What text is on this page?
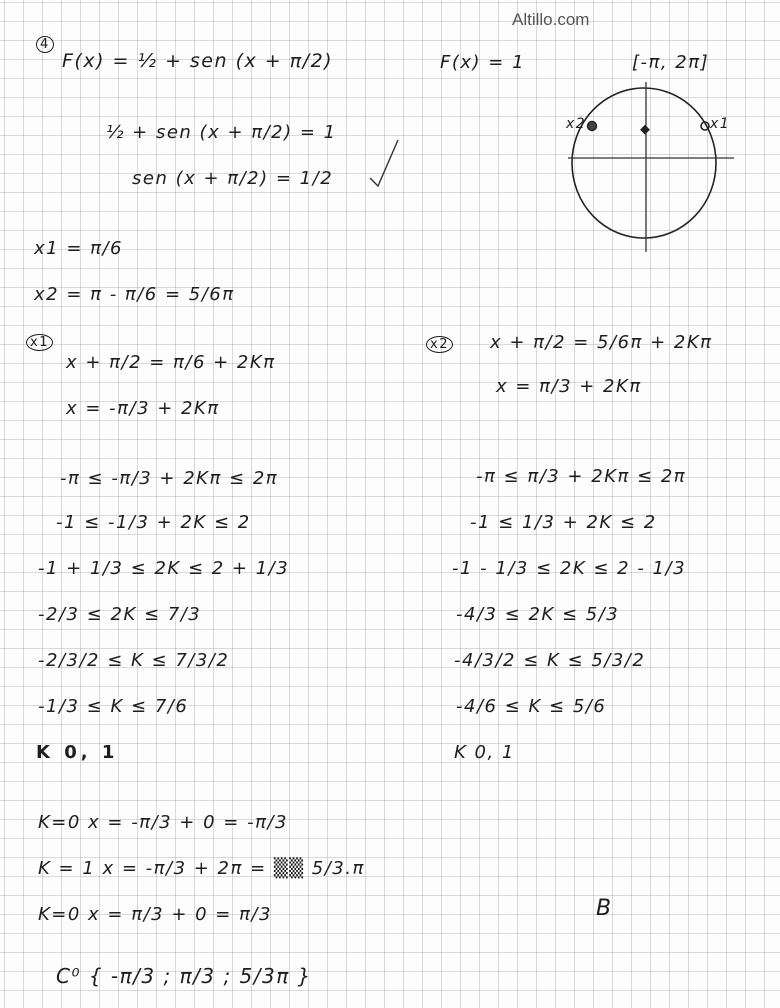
Altillo.com
4
F(x) = ½ + sen (x + π/2)	F(x) = 1	[-π, 2π]
x1
x2
½ + sen (x + π/2) = 1
sen (x + π/2) = 1/2
x1 = π/6
x2 = π - π/6 = 5/6π
x1
x + π/2 = π/6 + 2Kπ
x = -π/3 + 2Kπ
-π ≤ -π/3 + 2Kπ ≤ 2π
-1 ≤ -1/3 + 2K ≤ 2
-1 + 1/3 ≤ 2K ≤ 2 + 1/3
-2/3 ≤ 2K ≤ 7/3
-2/3/2 ≤ K ≤ 7/3/2
-1/3 ≤ K ≤ 7/6
K 0, 1
x2 x + π/2 = 5/6π + 2Kπ
x = π/3 + 2Kπ
-π ≤ π/3 + 2Kπ ≤ 2π
-1 ≤ 1/3 + 2K ≤ 2
-1 - 1/3 ≤ 2K ≤ 2 - 1/3
-4/3 ≤ 2K ≤ 5/3
-4/3/2 ≤ K ≤ 5/3/2
-4/6 ≤ K ≤ 5/6
K 0, 1
K=0 x = -π/3 + 0 = -π/3
K = 1 x = -π/3 + 2π = ▒▒ 5/3.π
K=0 x = π/3 + 0 = π/3	B
C⁰ { -π/3 ; π/3 ; 5/3π }
